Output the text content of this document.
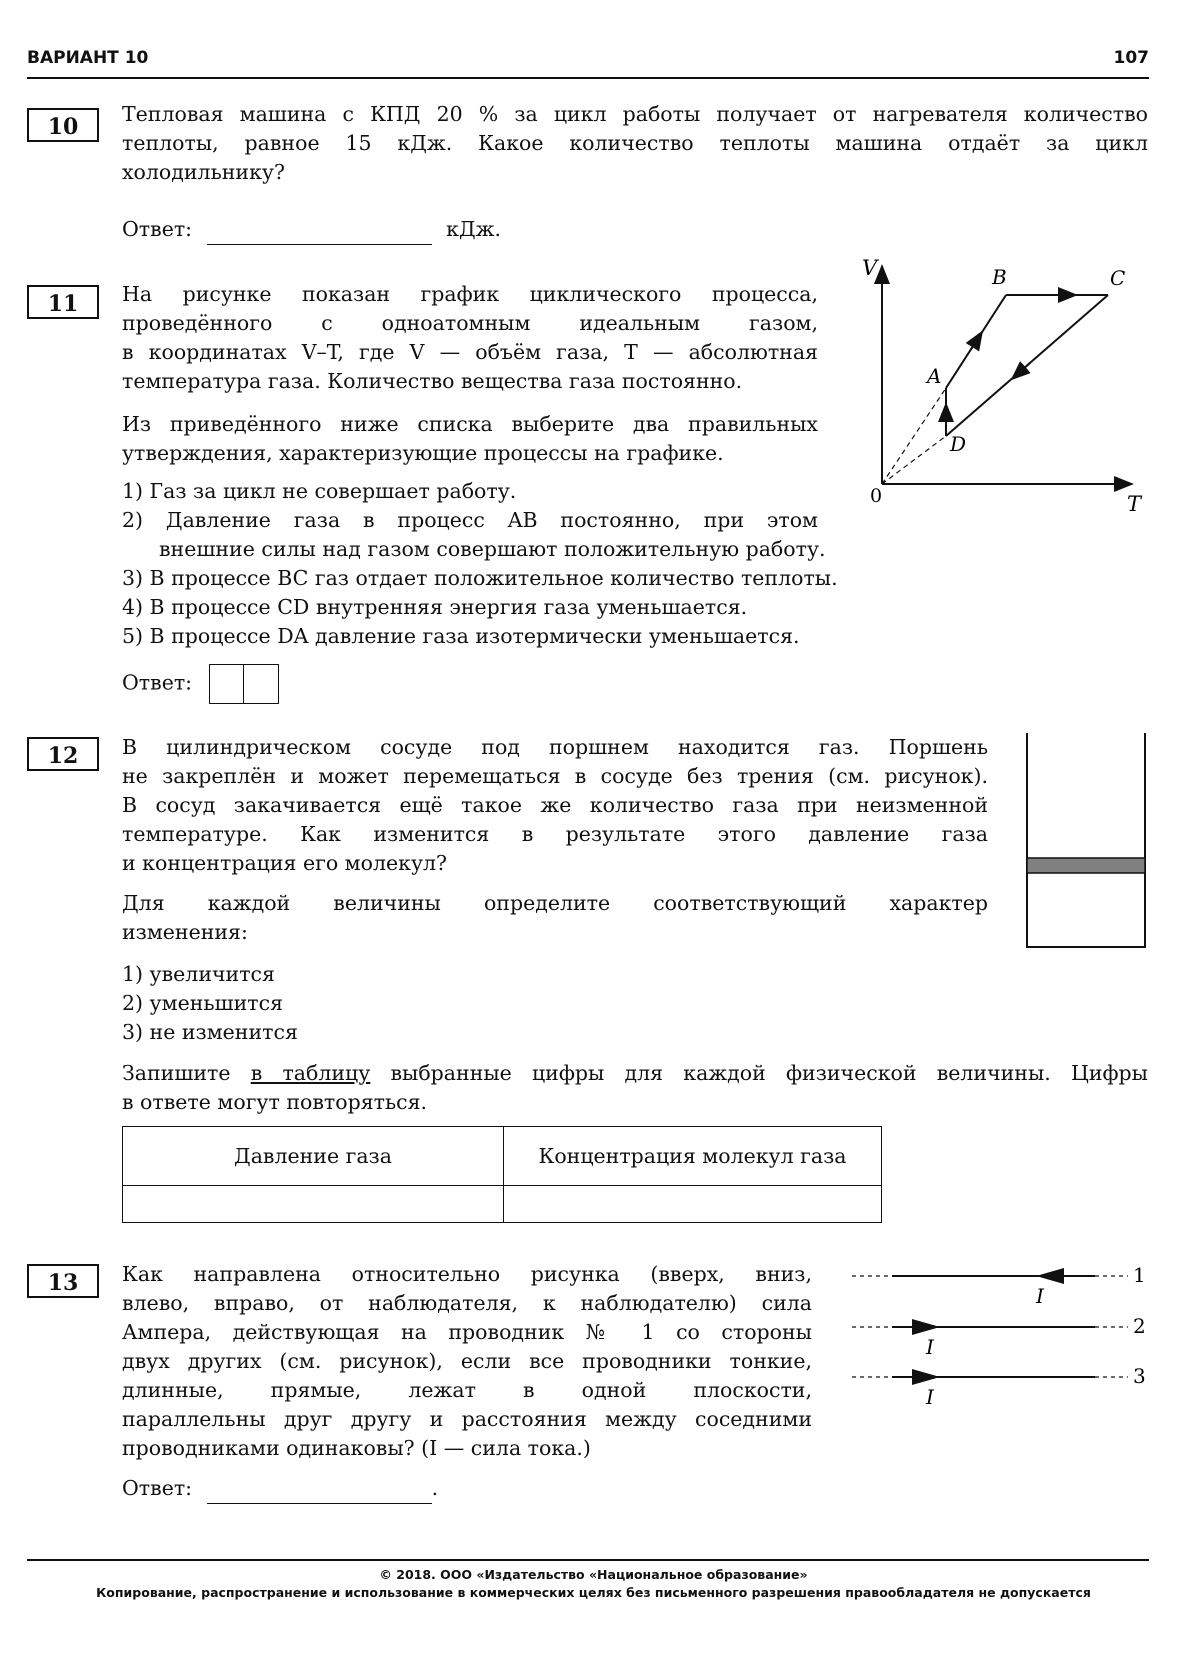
ВАРИАНТ 10	107
10	Тепловая машина с КПД 20 % за цикл работы получает от нагревателя количество
теплоты, равное 15 кДж. Какое количество теплоты машина отдаёт за цикл
холодильнику?
Ответ:	кДж.
11	На рисунке показан график циклического процесса,
проведённого с одноатомным идеальным газом,
в координатах V–T, где V — объём газа, T — абсолютная
температура газа. Количество вещества газа постоянно.
Из приведённого ниже списка выберите два правильных
утверждения, характеризующие процессы на графике.
1) Газ за цикл не совершает работу.
2) Давление газа в процесс AB постоянно, при этом
внешние силы над газом совершают положительную работу.
3) В процессе BC газ отдает положительное количество теплоты.
4) В процессе CD внутренняя энергия газа уменьшается.
5) В процессе DA давление газа изотермически уменьшается.
Ответ:
V
T
0
A
B	C
D
12	В цилиндрическом сосуде под поршнем находится газ. Поршень
не закреплён и может перемещаться в сосуде без трения (см. рисунок).
В сосуд закачивается ещё такое же количество газа при неизменной
температуре. Как изменится в результате этого давление газа
и концентрация его молекул?
Для каждой величины определите соответствующий характер
изменения:
1) увеличится
2) уменьшится
3) не изменится
Запишите в таблицу выбранные цифры для каждой физической величины. Цифры
в ответе могут повторяться.
Давление газа	Концентрация молекул газа

13	Как направлена относительно рисунка (вверх, вниз,
влево, вправо, от наблюдателя, к наблюдателю) сила
Ампера, действующая на проводник № 1 со стороны
двух других (см. рисунок), если все проводники тонкие,
длинные, прямые, лежат в одной плоскости,
параллельны друг другу и расстояния между соседними
проводниками одинаковы? (I — сила тока.)
Ответ:	.
I
1
I
2
I
3
© 2018. ООО «Издательство «Национальное образование»
Копирование, распространение и использование в коммерческих целях без письменного разрешения правообладателя не допускается
